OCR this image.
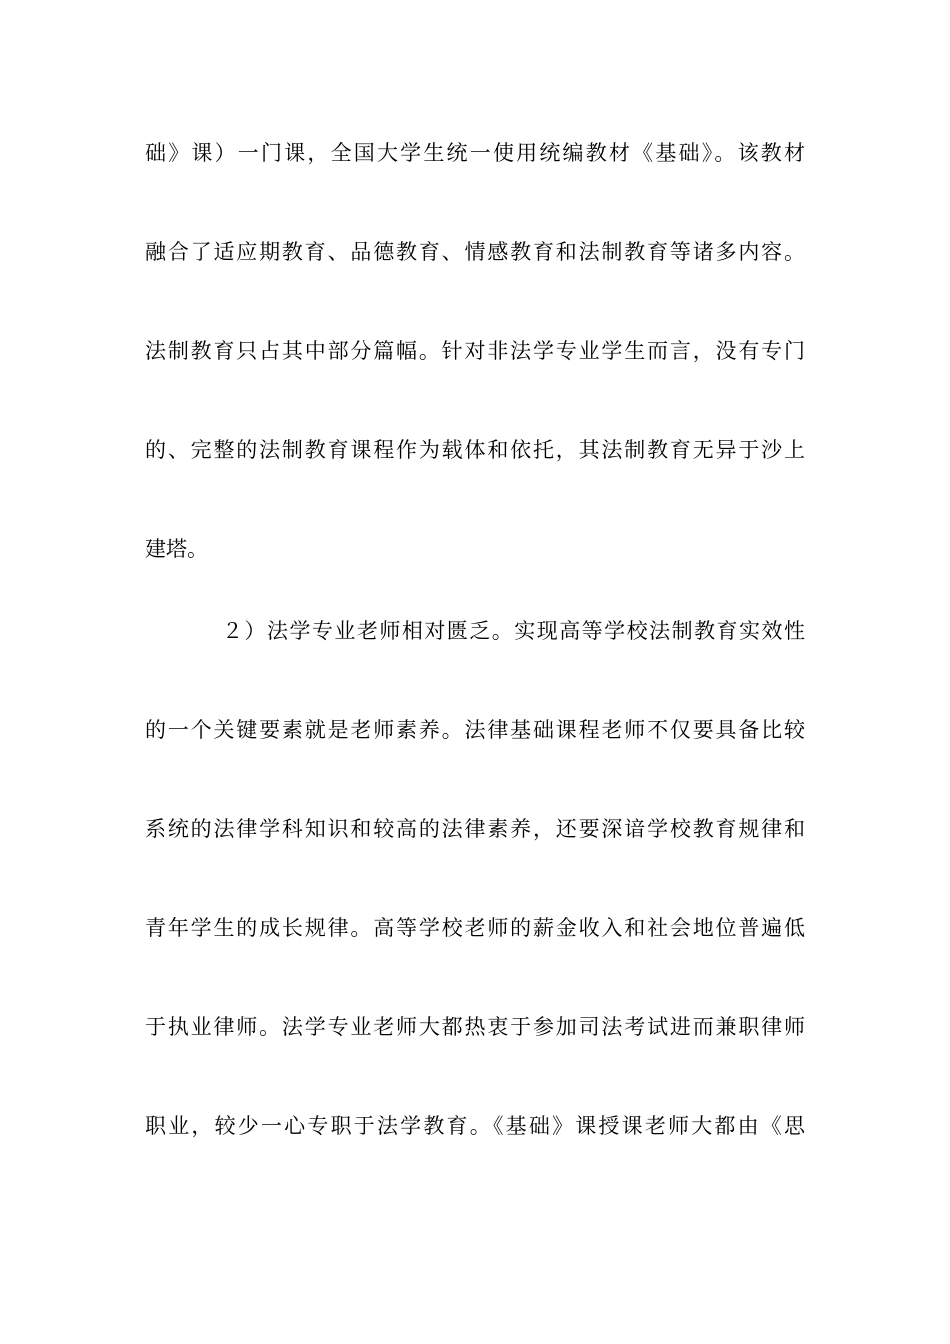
础》课）一门课，全国大学生统一使用统编教材《基础》。该教材
融合了适应期教育、品德教育、情感教育和法制教育等诸多内容。
法制教育只占其中部分篇幅。针对非法学专业学生而言，没有专门
的、完整的法制教育课程作为载体和依托，其法制教育无异于沙上
建塔。
２）法学专业老师相对匮乏。实现高等学校法制教育实效性
的一个关键要素就是老师素养。法律基础课程老师不仅要具备比较
系统的法律学科知识和较高的法律素养，还要深谙学校教育规律和
青年学生的成长规律。高等学校老师的薪金收入和社会地位普遍低
于执业律师。法学专业老师大都热衷于参加司法考试进而兼职律师
职业，较少一心专职于法学教育。《基础》课授课老师大都由《思
